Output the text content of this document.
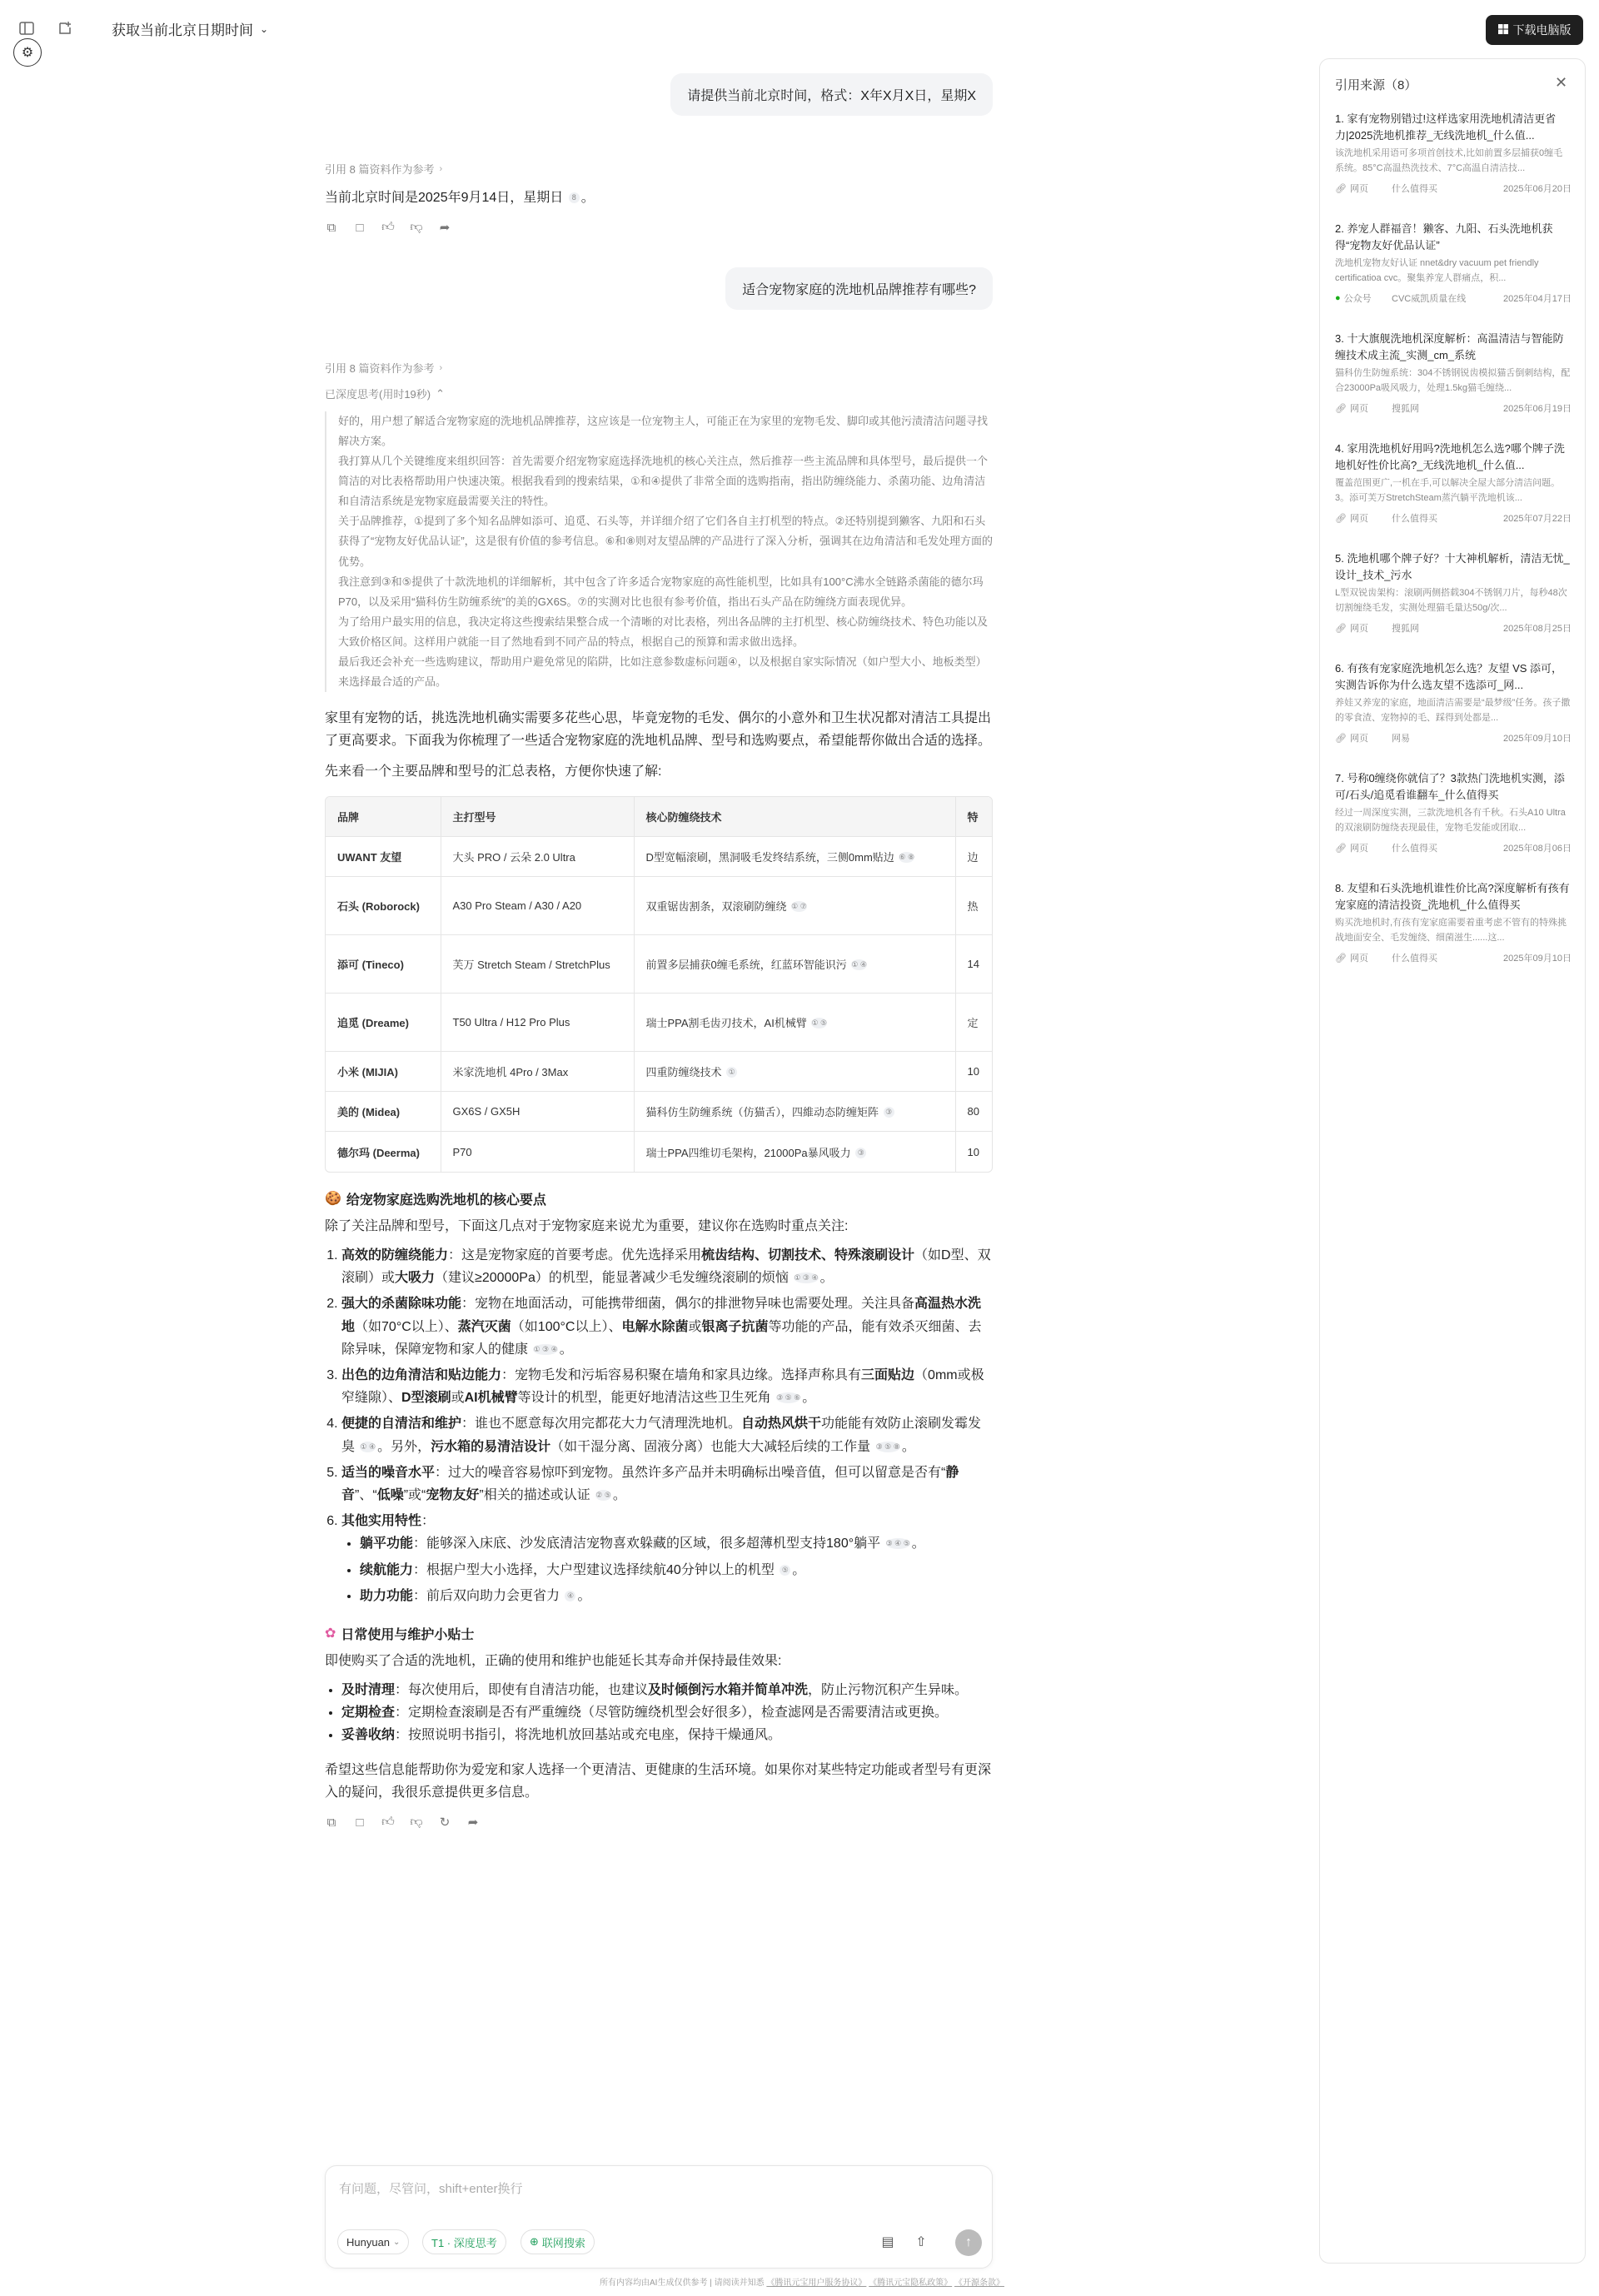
获取当前北京日期时间 ⌄	下载电脑版
⚙
请提供当前北京时间，格式：X年X月X日，星期X
引用 8 篇资料作为参考 ›
当前北京时间是2025年9月14日，星期日 8 。
⧉ □ 👍︎ 👎︎ ➦
适合宠物家庭的洗地机品牌推荐有哪些?
引用 8 篇资料作为参考 ›
已深度思考(用时19秒) ⌃

好的，用户想了解适合宠物家庭的洗地机品牌推荐，这应该是一位宠物主人，可能正在为家里的宠物毛发、脚印或其他污渍清洁问题寻找解决方案。

我打算从几个关键维度来组织回答：首先需要介绍宠物家庭选择洗地机的核心关注点，然后推荐一些主流品牌和具体型号，最后提供一个简洁的对比表格帮助用户快速决策。根据我看到的搜索结果，①和④提供了非常全面的选购指南，指出防缠绕能力、杀菌功能、边角清洁和自清洁系统是宠物家庭最需要关注的特性。

关于品牌推荐，①提到了多个知名品牌如添可、追觅、石头等，并详细介绍了它们各自主打机型的特点。②还特别提到獭客、九阳和石头获得了“宠物友好优品认证”，这是很有价值的参考信息。⑥和⑧则对友望品牌的产品进行了深入分析，强调其在边角清洁和毛发处理方面的优势。

我注意到③和⑤提供了十款洗地机的详细解析，其中包含了许多适合宠物家庭的高性能机型，比如具有100°C沸水全链路杀菌能的德尔玛P70，以及采用“猫科仿生防缠系统”的美的GX6S。⑦的实测对比也很有参考价值，指出石头产品在防缠绕方面表现优异。

为了给用户最实用的信息，我决定将这些搜索结果整合成一个清晰的对比表格，列出各品牌的主打机型、核心防缠绕技术、特色功能以及大致价格区间。这样用户就能一目了然地看到不同产品的特点，根据自己的预算和需求做出选择。

最后我还会补充一些选购建议，帮助用户避免常见的陷阱，比如注意参数虚标问题④，以及根据自家实际情况（如户型大小、地板类型）来选择最合适的产品。

家里有宠物的话，挑选洗地机确实需要多花些心思，毕竟宠物的毛发、偶尔的小意外和卫生状况都对清洁工具提出了更高要求。下面我为你梳理了一些适合宠物家庭的洗地机品牌、型号和选购要点，希望能帮你做出合适的选择。

先来看一个主要品牌和型号的汇总表格，方便你快速了解:

品牌	主打型号	核心防缠绕技术	特
UWANT 友望	大头 PRO / 云朵 2.0 Ultra	D型宽幅滚刷，黑洞吸毛发终结系统，三侧0mm贴边 ⑥ ⑧	边
石头 (Roborock)	A30 Pro Steam / A30 / A20	双重锯齿割条，双滚刷防缠绕 ① ⑦	热
添可 (Tineco)	芙万 Stretch Steam / StretchPlus	前置多层捕获0缠毛系统，红蓝环智能识污 ① ④	14
追觅 (Dreame)	T50 Ultra / H12 Pro Plus	瑞士PPA割毛齿刃技术，AI机械臂 ① ⑤	定
小米 (MIJIA)	米家洗地机 4Pro / 3Max	四重防缠绕技术 ①	10
美的 (Midea)	GX6S / GX5H	猫科仿生防缠系统（仿猫舌），四維动态防缠矩阵 ③	80
德尔玛 (Deerma)	P70	瑞士PPA四维切毛架构，21000Pa暴风吸力 ③	10
🍪 给宠物家庭选购洗地机的核心要点

除了关注品牌和型号，下面这几点对于宠物家庭来说尤为重要，建议你在选购时重点关注:

1. 高效的防缠绕能力：这是宠物家庭的首要考虑。优先选择采用梳齿结构、切割技术、特殊滚刷设计（如D型、双滚刷）或大吸力（建议≥20000Pa）的机型，能显著减少毛发缠绕滚刷的烦恼 ① ③ ④ 。
2. 强大的杀菌除味功能：宠物在地面活动，可能携带细菌，偶尔的排泄物异味也需要处理。关注具备高温热水洗地（如70°C以上）、蒸汽灭菌（如100°C以上）、电解水除菌或银离子抗菌等功能的产品，能有效杀灭细菌、去除异味，保障宠物和家人的健康 ① ③ ④ 。
3. 出色的边角清洁和贴边能力：宠物毛发和污垢容易积聚在墙角和家具边缘。选择声称具有三面贴边（0mm或极窄缝隙）、D型滚刷或AI机械臂等设计的机型，能更好地清洁这些卫生死角 ③ ⑤ ⑥ 。
4. 便捷的自清洁和维护：谁也不愿意每次用完都花大力气清理洗地机。自动热风烘干功能能有效防止滚刷发霉发臭 ① ④ 。另外，污水箱的易清洁设计（如干湿分离、固液分离）也能大大减轻后续的工作量 ③ ⑤ ⑧ 。
5. 适当的噪音水平：过大的噪音容易惊吓到宠物。虽然许多产品并未明确标出噪音值，但可以留意是否有“静音”、“低噪”或“宠物友好”相关的描述或认证 ② ⑤ 。
6. 其他实用特性：
• 躺平功能：能够深入床底、沙发底清洁宠物喜欢躲藏的区域，很多超薄机型支持180°躺平 ③ ④ ⑤ 。
• 续航能力：根据户型大小选择，大户型建议选择续航40分钟以上的机型 ⑤ 。
• 助力功能：前后双向助力会更省力 ④ 。
✿ 日常使用与维护小贴士

即使购买了合适的洗地机，正确的使用和维护也能延长其寿命并保持最佳效果:

• 及时清理：每次使用后，即使有自清洁功能，也建议及时倾倒污水箱并简单冲洗，防止污物沉积产生异味。
• 定期检查：定期检查滚刷是否有严重缠绕（尽管防缠绕机型会好很多），检查滤网是否需要清洁或更换。
• 妥善收纳：按照说明书指引，将洗地机放回基站或充电座，保持干燥通风。

希望这些信息能帮助你为爱宠和家人选择一个更清洁、更健康的生活环境。如果你对某些特定功能或者型号有更深入的疑问，我很乐意提供更多信息。

⧉ □ 👍︎ 👎︎ ↻ ➦
有问题，尽管问，shift+enter换行
Hunyuan ⌄	T1 · 深度思考	⊕ 联网搜索	▤ ⇧	↑
所有内容均由AI生成仅供参考 | 请阅读并知悉 《腾讯元宝用户服务协议》 《腾讯元宝隐私政策》 《开源条款》
引用来源（8）	✕
1. 家有宠物别错过!这样选家用洗地机清洁更省力|2025洗地机推荐_无线洗地机_什么值...
该洗地机采用语可多项首创技术,比如前置多层捕获0缠毛系统。85°C高温热洗技术、7°C高温自清洁技...
🔗︎ 网页	什么值得买	2025年06月20日
2. 养宠人群福音！獭客、九阳、石头洗地机获得“宠物友好优品认证”
洗地机宠物友好认证 nnet&dry vacuum pet friendly certificatioa cvc。聚集养宠人群痛点，积...
● 公众号 CVC威凯质量在线	2025年04月17日
3. 十大旗舰洗地机深度解析：高温清洁与智能防缠技术成主流_实测_cm_系统
猫科仿生防缠系统：304不锈钢锐齿模拟猫舌倒刺结构，配合23000Pa吸风吸力，处理1.5kg猫毛缠绕...
🔗︎ 网页	搜狐网	2025年06月19日
4. 家用洗地机好用吗?洗地机怎么选?哪个牌子洗地机好性价比高?_无线洗地机_什么值...
覆盖范围更广,一机在手,可以解决全屋大部分清洁问题。3。添可芙万StretchSteam蒸汽躺平洗地机该...
🔗︎ 网页	什么值得买	2025年07月22日
5. 洗地机哪个牌子好？十大神机解析，清洁无忧_设计_技术_污水
L型双锐齿架构：滚刷两侧搭载304不锈钢刀片，每秒48次切割缠绕毛发，实测处理猫毛量达50g/次...
🔗︎ 网页	搜狐网	2025年08月25日
6. 有孩有宠家庭洗地机怎么选？友望 VS 添可，实测告诉你为什么选友望不选添可_网...
养娃又养宠的家庭，地面清洁需要是“最梦级”任务。孩子撒的零食渣、宠物掉的毛、踩得到处都是...
🔗︎ 网页	网易	2025年09月10日
7. 号称0缠绕你就信了？3款热门洗地机实测，添可/石头/追觅看谁翻车_什么值得买
经过一周深度实测，三款洗地机各有千秋。石头A10 Ultra的双滚刷防缠绕表现最佳，宠物毛发能或团取...
🔗︎ 网页	什么值得买	2025年08月06日
8. 友望和石头洗地机谁性价比高?深度解析有孩有宠家庭的清洁投资_洗地机_什么值得买
购买洗地机时,有孩有宠家庭需要着重考虑不管有的特殊挑战地面安全、毛发缠绕、细菌滋生......这...
🔗︎ 网页	什么值得买	2025年09月10日
